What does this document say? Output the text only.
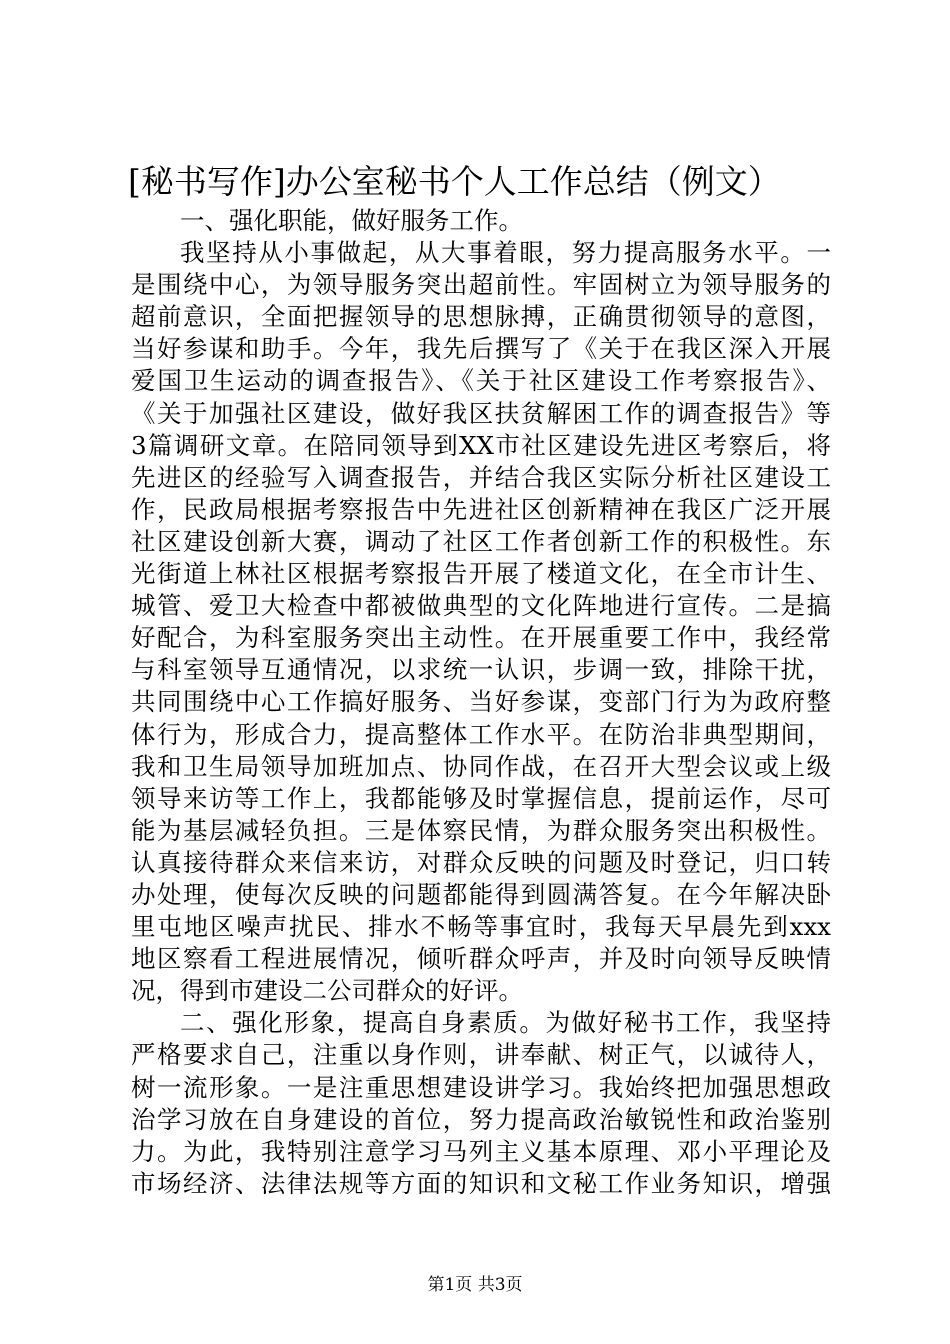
[秘书写作]办公室秘书个人工作总结（例文）
一、强化职能，做好服务工作。
我坚持从小事做起，从大事着眼，努力提高服务水平。一
是围绕中心，为领导服务突出超前性。牢固树立为领导服务的
超前意识，全面把握领导的思想脉搏，正确贯彻领导的意图，
当好参谋和助手。今年，我先后撰写了《关于在我区深入开展
爱国卫生运动的调查报告》、《关于社区建设工作考察报告》、
《关于加强社区建设，做好我区扶贫解困工作的调查报告》等
3篇调研文章。在陪同领导到XX市社区建设先进区考察后，将
先进区的经验写入调查报告，并结合我区实际分析社区建设工
作，民政局根据考察报告中先进社区创新精神在我区广泛开展
社区建设创新大赛，调动了社区工作者创新工作的积极性。东
光街道上林社区根据考察报告开展了楼道文化，在全市计生、
城管、爱卫大检查中都被做典型的文化阵地进行宣传。二是搞
好配合，为科室服务突出主动性。在开展重要工作中，我经常
与科室领导互通情况，以求统一认识，步调一致，排除干扰，
共同围绕中心工作搞好服务、当好参谋，变部门行为为政府整
体行为，形成合力，提高整体工作水平。在防治非典型期间，
我和卫生局领导加班加点、协同作战，在召开大型会议或上级
领导来访等工作上，我都能够及时掌握信息，提前运作，尽可
能为基层减轻负担。三是体察民情，为群众服务突出积极性。
认真接待群众来信来访，对群众反映的问题及时登记，归口转
办处理，使每次反映的问题都能得到圆满答复。在今年解决卧
里屯地区噪声扰民、排水不畅等事宜时，我每天早晨先到xxx
地区察看工程进展情况，倾听群众呼声，并及时向领导反映情
况，得到市建设二公司群众的好评。
二、强化形象，提高自身素质。为做好秘书工作，我坚持
严格要求自己，注重以身作则，讲奉献、树正气，以诚待人，
树一流形象。一是注重思想建设讲学习。我始终把加强思想政
治学习放在自身建设的首位，努力提高政治敏锐性和政治鉴别
力。为此，我特别注意学习马列主义基本原理、邓小平理论及
市场经济、法律法规等方面的知识和文秘工作业务知识，增强
第1页 共3页
